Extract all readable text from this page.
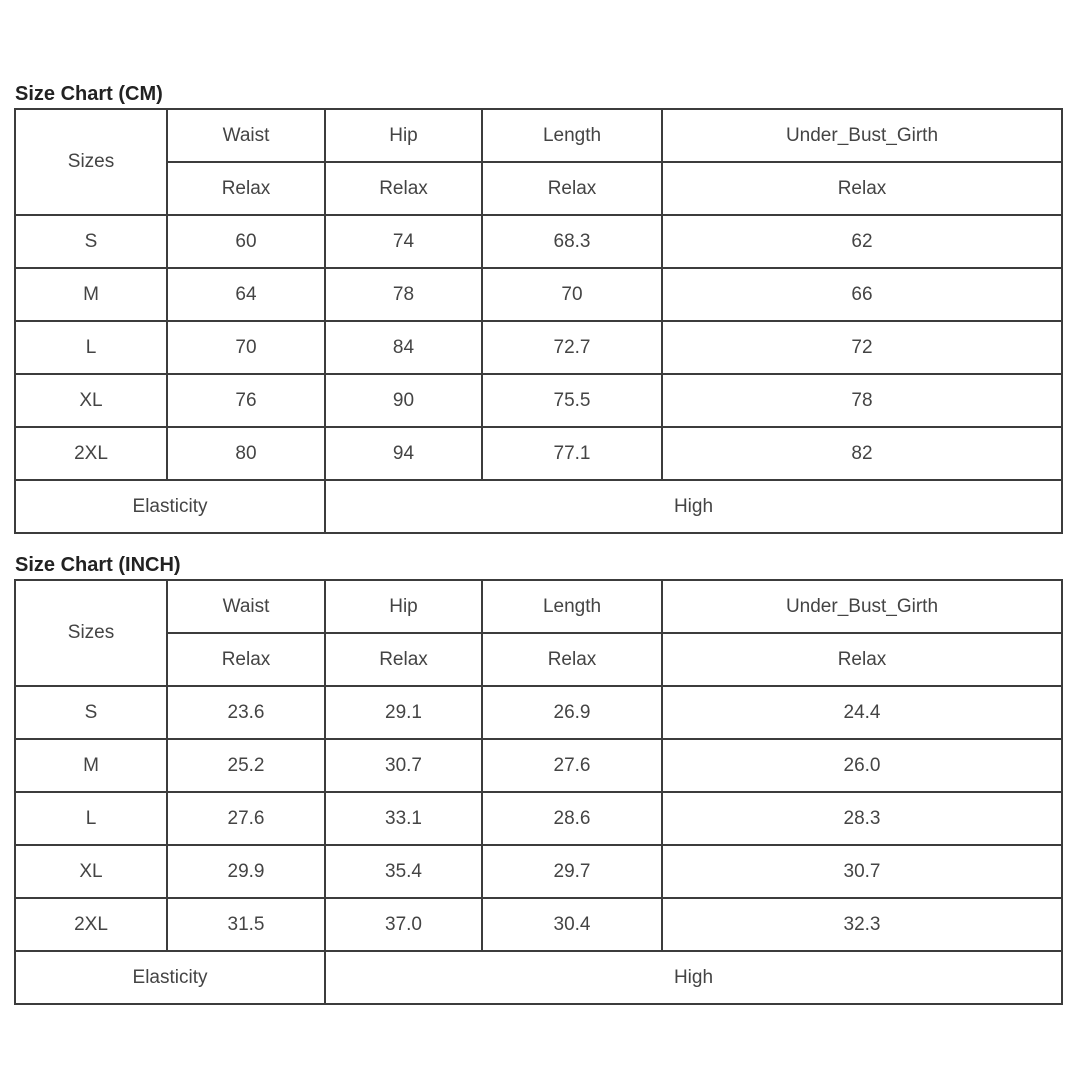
Size Chart (CM)
Sizes	Waist	Hip	Length	Under_Bust_Girth
	Relax	Relax	Relax	Relax
S	60	74	68.3	62
M	64	78	70	66
L	70	84	72.7	72
XL	76	90	75.5	78
2XL	80	94	77.1	82
Elasticity		High		
Size Chart (INCH)
Sizes	Waist	Hip	Length	Under_Bust_Girth
	Relax	Relax	Relax	Relax
S	23.6	29.1	26.9	24.4
M	25.2	30.7	27.6	26.0
L	27.6	33.1	28.6	28.3
XL	29.9	35.4	29.7	30.7
2XL	31.5	37.0	30.4	32.3
Elasticity		High		
